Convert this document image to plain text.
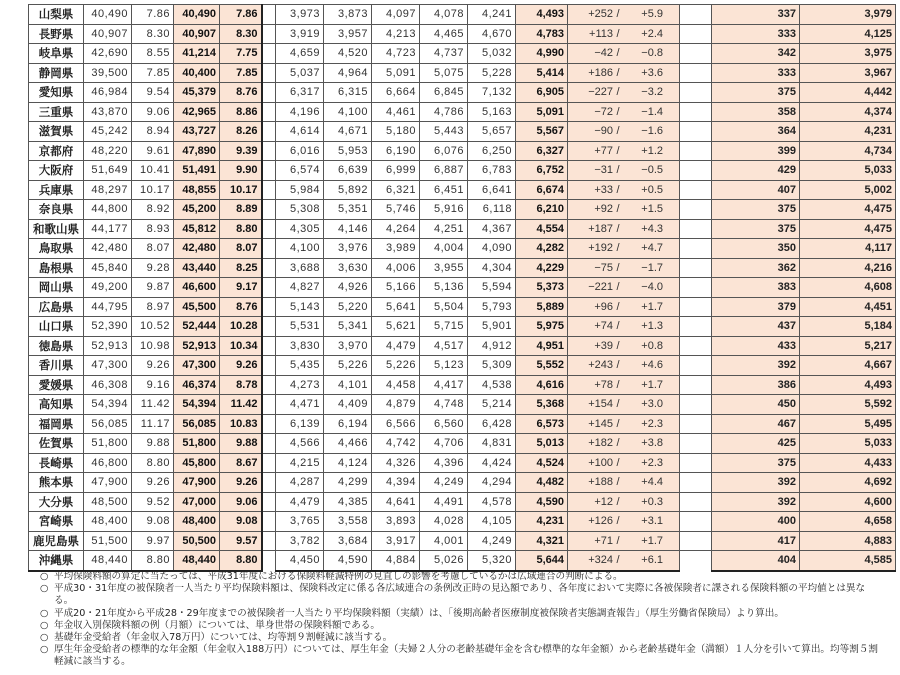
山梨県	40,490	7.86	40,490	7.86		3,973	3,873	4,097	4,078	4,241	4,493	+252 / +5.9		337	3,979
長野県	40,907	8.30	40,907	8.30		3,919	3,957	4,213	4,465	4,670	4,783	+113 / +2.4		333	4,125
岐阜県	42,690	8.55	41,214	7.75		4,659	4,520	4,723	4,737	5,032	4,990	−42 / −0.8		342	3,975
静岡県	39,500	7.85	40,400	7.85		5,037	4,964	5,091	5,075	5,228	5,414	+186 / +3.6		333	3,967
愛知県	46,984	9.54	45,379	8.76		6,317	6,315	6,664	6,845	7,132	6,905	−227 / −3.2		375	4,442
三重県	43,870	9.06	42,965	8.86		4,196	4,100	4,461	4,786	5,163	5,091	−72 / −1.4		358	4,374
滋賀県	45,242	8.94	43,727	8.26		4,614	4,671	5,180	5,443	5,657	5,567	−90 / −1.6		364	4,231
京都府	48,220	9.61	47,890	9.39		6,016	5,953	6,190	6,076	6,250	6,327	+77 / +1.2		399	4,734
大阪府	51,649	10.41	51,491	9.90		6,574	6,639	6,999	6,887	6,783	6,752	−31 / −0.5		429	5,033
兵庫県	48,297	10.17	48,855	10.17		5,984	5,892	6,321	6,451	6,641	6,674	+33 / +0.5		407	5,002
奈良県	44,800	8.92	45,200	8.89		5,308	5,351	5,746	5,916	6,118	6,210	+92 / +1.5		375	4,475
和歌山県	44,177	8.93	45,812	8.80		4,305	4,146	4,264	4,251	4,367	4,554	+187 / +4.3		375	4,475
鳥取県	42,480	8.07	42,480	8.07		4,100	3,976	3,989	4,004	4,090	4,282	+192 / +4.7		350	4,117
島根県	45,840	9.28	43,440	8.25		3,688	3,630	4,006	3,955	4,304	4,229	−75 / −1.7		362	4,216
岡山県	49,200	9.87	46,600	9.17		4,827	4,926	5,166	5,136	5,594	5,373	−221 / −4.0		383	4,608
広島県	44,795	8.97	45,500	8.76		5,143	5,220	5,641	5,504	5,793	5,889	+96 / +1.7		379	4,451
山口県	52,390	10.52	52,444	10.28		5,531	5,341	5,621	5,715	5,901	5,975	+74 / +1.3		437	5,184
徳島県	52,913	10.98	52,913	10.34		3,830	3,970	4,479	4,517	4,912	4,951	+39 / +0.8		433	5,217
香川県	47,300	9.26	47,300	9.26		5,435	5,226	5,226	5,123	5,309	5,552	+243 / +4.6		392	4,667
愛媛県	46,308	9.16	46,374	8.78		4,273	4,101	4,458	4,417	4,538	4,616	+78 / +1.7		386	4,493
高知県	54,394	11.42	54,394	11.42		4,471	4,409	4,879	4,748	5,214	5,368	+154 / +3.0		450	5,592
福岡県	56,085	11.17	56,085	10.83		6,139	6,194	6,566	6,560	6,428	6,573	+145 / +2.3		467	5,495
佐賀県	51,800	9.88	51,800	9.88		4,566	4,466	4,742	4,706	4,831	5,013	+182 / +3.8		425	5,033
長崎県	46,800	8.80	45,800	8.67		4,215	4,124	4,326	4,396	4,424	4,524	+100 / +2.3		375	4,433
熊本県	47,900	9.26	47,900	9.26		4,287	4,299	4,394	4,249	4,294	4,482	+188 / +4.4		392	4,692
大分県	48,500	9.52	47,000	9.06		4,479	4,385	4,641	4,491	4,578	4,590	+12 / +0.3		392	4,600
宮崎県	48,400	9.08	48,400	9.08		3,765	3,558	3,893	4,028	4,105	4,231	+126 / +3.1		400	4,658
鹿児島県	51,500	9.97	50,500	9.57		3,782	3,684	3,917	4,001	4,249	4,321	+71 / +1.7		417	4,883
沖縄県	48,440	8.80	48,440	8.80		4,450	4,590	4,884	5,026	5,320	5,644	+324 / +6.1		404	4,585
○ 平均保険料額の算定に当たっては、平成31年度における保険料軽減特例の見直しの影響を考慮しているかは広域連合の判断による。
○ 平成30・31年度の被保険者一人当たり平均保険料額は、保険料改定に係る各広域連合の条例改正時の見込額であり、各年度において実際に各被保険者に課される保険料額の平均値とは異なる。
○ 平成20・21年度から平成28・29年度までの被保険者一人当たり平均保険料額（実績）は、「後期高齢者医療制度被保険者実態調査報告」（厚生労働省保険局）より算出。
○ 年金収入別保険料額の例（月額）については、単身世帯の保険料額である。
○ 基礎年金受給者（年金収入78万円）については、均等割９割軽減に該当する。
○ 厚生年金受給者の標準的な年金額（年金収入188万円）については、厚生年金（夫婦２人分の老齢基礎年金を含む標準的な年金額）から老齢基礎年金（満額）１人分を引いて算出。均等割５割軽減に該当する。
